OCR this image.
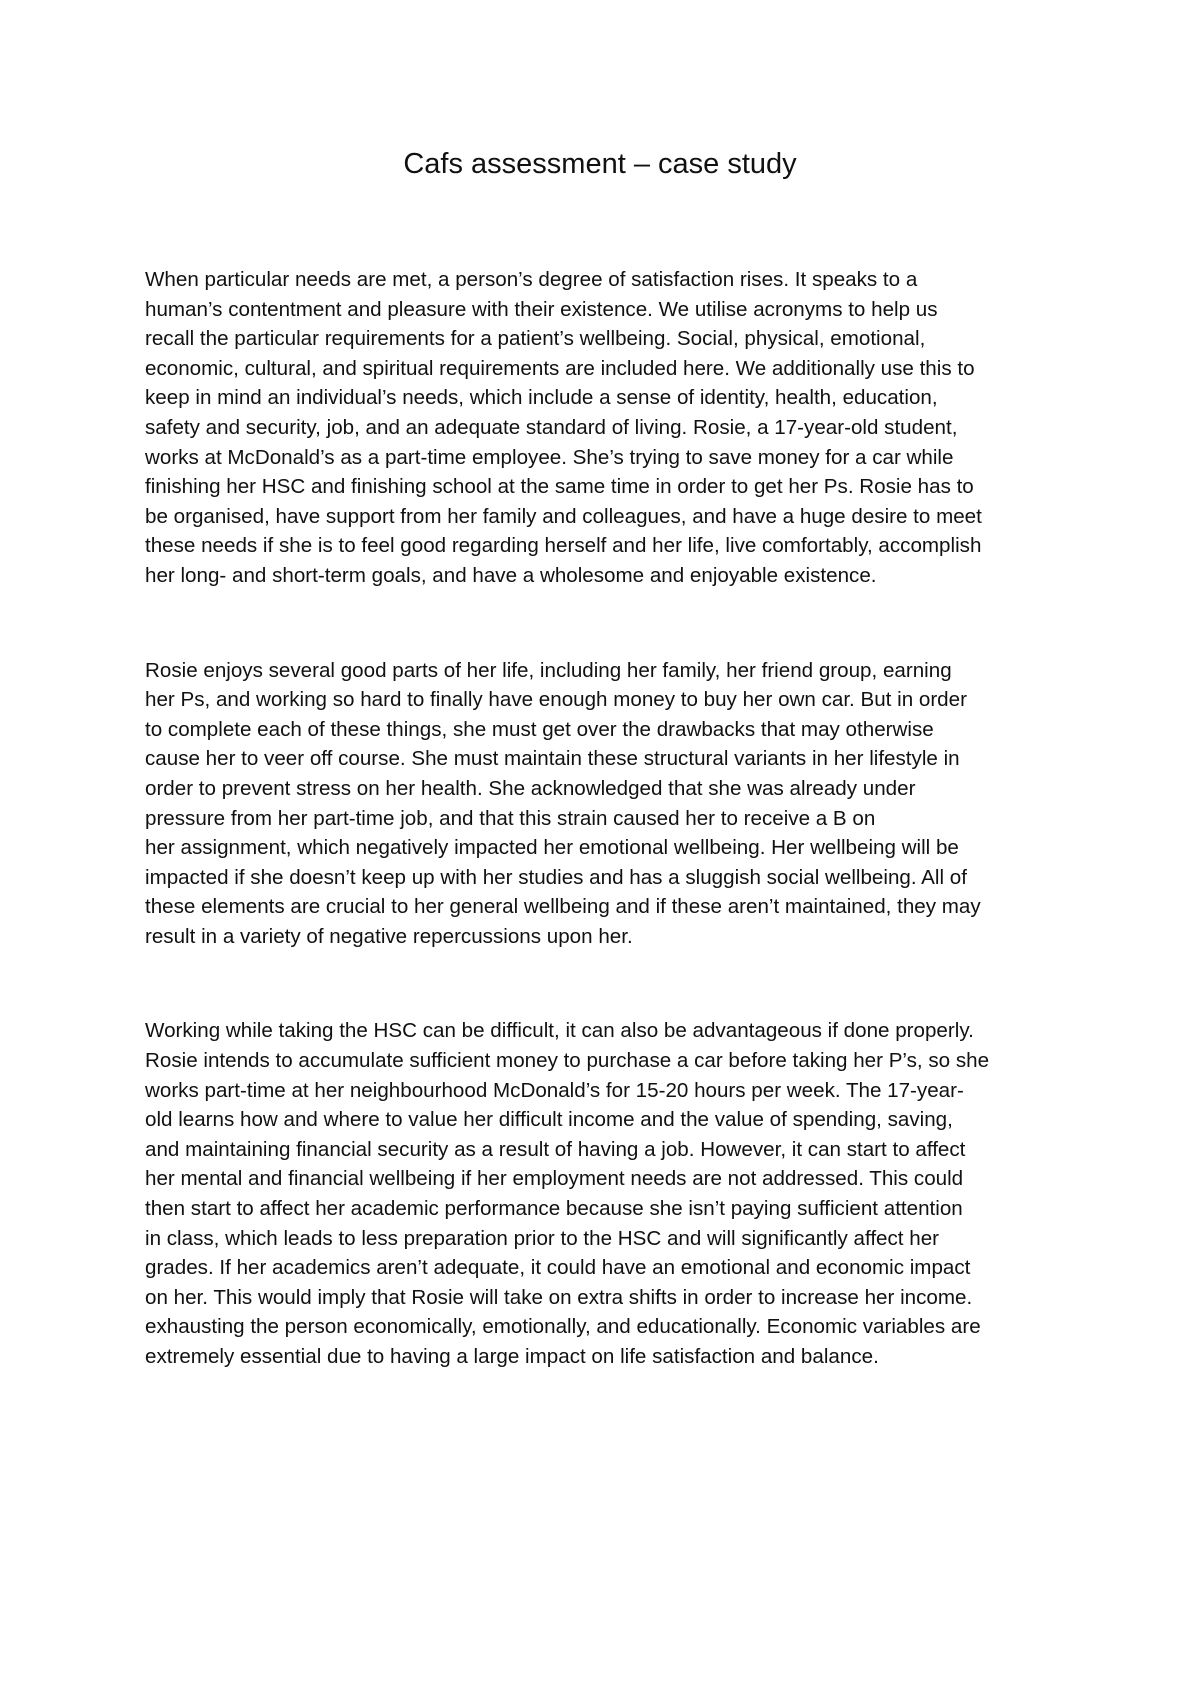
Cafs assessment – case study

When particular needs are met, a person’s degree of satisfaction rises. It speaks to a
human’s contentment and pleasure with their existence. We utilise acronyms to help us
recall the particular requirements for a patient’s wellbeing. Social, physical, emotional,
economic, cultural, and spiritual requirements are included here. We additionally use this to
keep in mind an individual’s needs, which include a sense of identity, health, education,
safety and security, job, and an adequate standard of living. Rosie, a 17-year-old student,
works at McDonald’s as a part-time employee. She’s trying to save money for a car while
finishing her HSC and finishing school at the same time in order to get her Ps. Rosie has to
be organised, have support from her family and colleagues, and have a huge desire to meet
these needs if she is to feel good regarding herself and her life, live comfortably, accomplish
her long- and short-term goals, and have a wholesome and enjoyable existence.

Rosie enjoys several good parts of her life, including her family, her friend group, earning
her Ps, and working so hard to finally have enough money to buy her own car. But in order
to complete each of these things, she must get over the drawbacks that may otherwise
cause her to veer off course. She must maintain these structural variants in her lifestyle in
order to prevent stress on her health. She acknowledged that she was already under
pressure from her part-time job, and that this strain caused her to receive a B on
her assignment, which negatively impacted her emotional wellbeing. Her wellbeing will be
impacted if she doesn’t keep up with her studies and has a sluggish social wellbeing. All of
these elements are crucial to her general wellbeing and if these aren’t maintained, they may
result in a variety of negative repercussions upon her.

Working while taking the HSC can be difficult, it can also be advantageous if done properly.
Rosie intends to accumulate sufficient money to purchase a car before taking her P’s, so she
works part-time at her neighbourhood McDonald’s for 15-20 hours per week. The 17-year-
old learns how and where to value her difficult income and the value of spending, saving,
and maintaining financial security as a result of having a job. However, it can start to affect
her mental and financial wellbeing if her employment needs are not addressed. This could
then start to affect her academic performance because she isn’t paying sufficient attention
in class, which leads to less preparation prior to the HSC and will significantly affect her
grades. If her academics aren’t adequate, it could have an emotional and economic impact
on her. This would imply that Rosie will take on extra shifts in order to increase her income.
exhausting the person economically, emotionally, and educationally. Economic variables are
extremely essential due to having a large impact on life satisfaction and balance.
